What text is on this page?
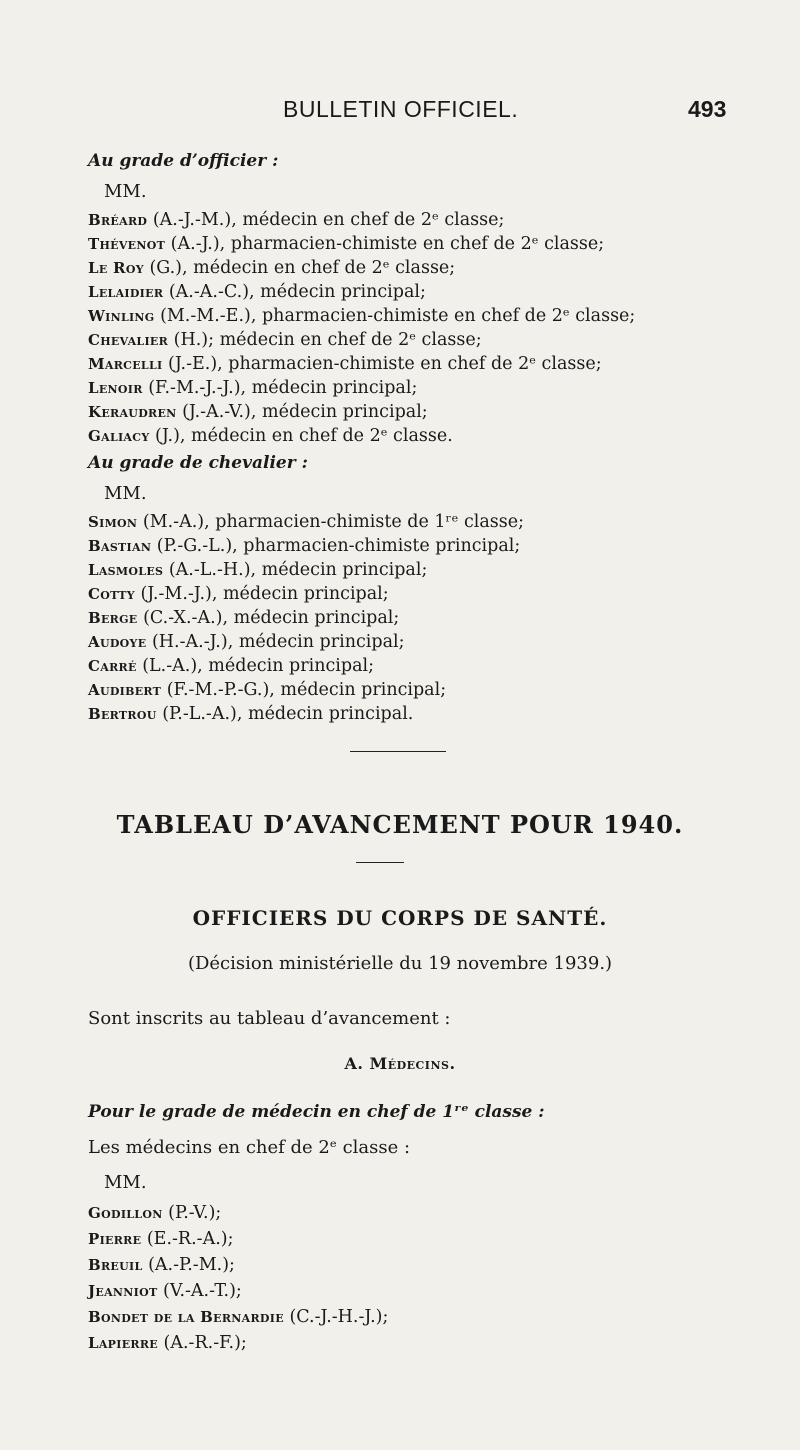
BULLETIN OFFICIEL.	493
Au grade d’officier :
MM.
Bréard (A.-J.-M.), médecin en chef de 2ᵉ classe;
Thévenot (A.-J.), pharmacien-chimiste en chef de 2ᵉ classe;
Le Roy (G.), médecin en chef de 2ᵉ classe;
Lelaidier (A.-A.-C.), médecin principal;
Winling (M.-M.-E.), pharmacien-chimiste en chef de 2ᵉ classe;
Chevalier (H.); médecin en chef de 2ᵉ classe;
Marcelli (J.-E.), pharmacien-chimiste en chef de 2ᵉ classe;
Lenoir (F.-M.-J.-J.), médecin principal;
Keraudren (J.-A.-V.), médecin principal;
Galiacy (J.), médecin en chef de 2ᵉ classe.
Au grade de chevalier :
MM.
Simon (M.-A.), pharmacien-chimiste de 1ʳᵉ classe;
Bastian (P.-G.-L.), pharmacien-chimiste principal;
Lasmoles (A.-L.-H.), médecin principal;
Cotty (J.-M.-J.), médecin principal;
Berge (C.-X.-A.), médecin principal;
Audoye (H.-A.-J.), médecin principal;
Carré (L.-A.), médecin principal;
Audibert (F.-M.-P.-G.), médecin principal;
Bertrou (P.-L.-A.), médecin principal.
TABLEAU D’AVANCEMENT POUR 1940.
OFFICIERS DU CORPS DE SANTÉ.
(Décision ministérielle du 19 novembre 1939.)
Sont inscrits au tableau d’avancement :
A. Médecins.
Pour le grade de médecin en chef de 1ʳᵉ classe :
Les médecins en chef de 2ᵉ classe :
MM.
Godillon (P.-V.);
Pierre (E.-R.-A.);
Breuil (A.-P.-M.);
Jeanniot (V.-A.-T.);
Bondet de la Bernardie (C.-J.-H.-J.);
Lapierre (A.-R.-F.);
